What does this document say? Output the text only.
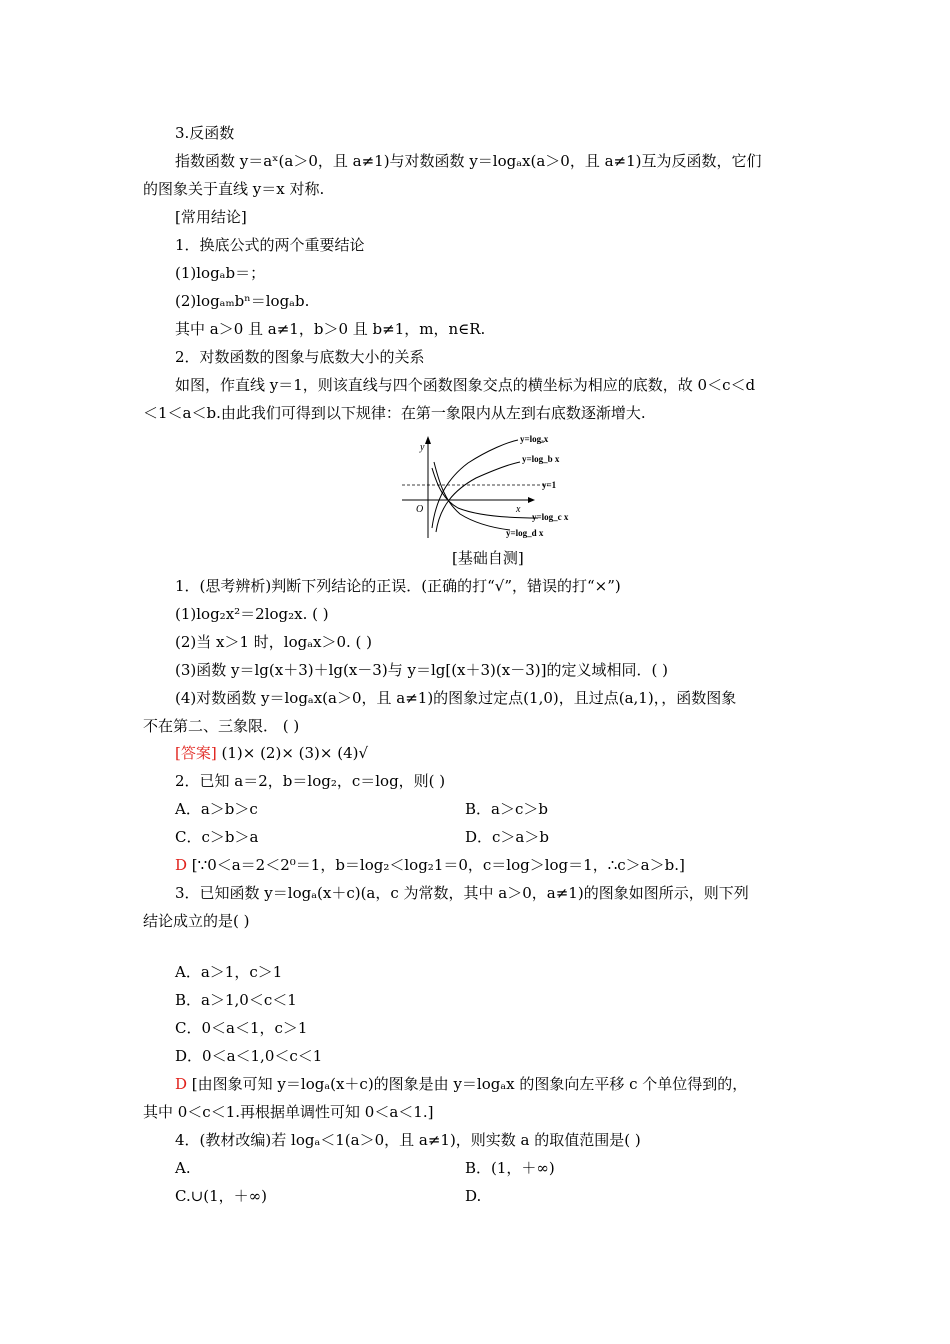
3.反函数
指数函数 y＝aˣ(a＞0，且 a≠1)与对数函数 y＝logₐx(a＞0，且 a≠1)互为反函数，它们
的图象关于直线 y＝x 对称.
[常用结论]
1．换底公式的两个重要结论
(1)logₐb＝；
(2)logₐₘbⁿ＝logₐb.
其中 a＞0 且 a≠1，b＞0 且 b≠1，m，n∈R.
2．对数函数的图象与底数大小的关系
如图，作直线 y＝1，则该直线与四个函数图象交点的横坐标为相应的底数，故 0＜c＜d
＜1＜a＜b.由此我们可得到以下规律：在第一象限内从左到右底数逐渐增大.
[基础自测]
1．(思考辨析)判断下列结论的正误．(正确的打“√”，错误的打“×”)
(1)log₂x²＝2log₂x. ( )
(2)当 x＞1 时，logₐx＞0. ( )
(3)函数 y＝lg(x＋3)＋lg(x－3)与 y＝lg[(x＋3)(x－3)]的定义域相同．( )
(4)对数函数 y＝logₐx(a＞0，且 a≠1)的图象过定点(1,0)，且过点(a,1)，，函数图象
不在第二、三象限． ( )
[答案] (1)× (2)× (3)× (4)√
2．已知 a＝2，b＝log₂，c＝log，则( )
A．a＞b＞c	B．a＞c＞b
C．c＞b＞a	D．c＞a＞b
D [∵0＜a＝2＜2⁰＝1，b＝log₂＜log₂1＝0，c＝log＞log＝1，∴c＞a＞b.]
3．已知函数 y＝logₐ(x＋c)(a，c 为常数，其中 a＞0，a≠1)的图象如图所示，则下列
结论成立的是( )
A．a＞1，c＞1
B．a＞1,0＜c＜1
C．0＜a＜1，c＞1
D．0＜a＜1,0＜c＜1
D [由图象可知 y＝logₐ(x＋c)的图象是由 y＝logₐx 的图象向左平移 c 个单位得到的，
其中 0＜c＜1.再根据单调性可知 0＜a＜1.]
4．(教材改编)若 logₐ＜1(a＞0，且 a≠1)，则实数 a 的取值范围是( )
A.	B．(1，＋∞)
C.∪(1，＋∞)	D.
y
x
O
y=1
y=logₐx
y=log_b x
y=log_c x
y=log_d x
